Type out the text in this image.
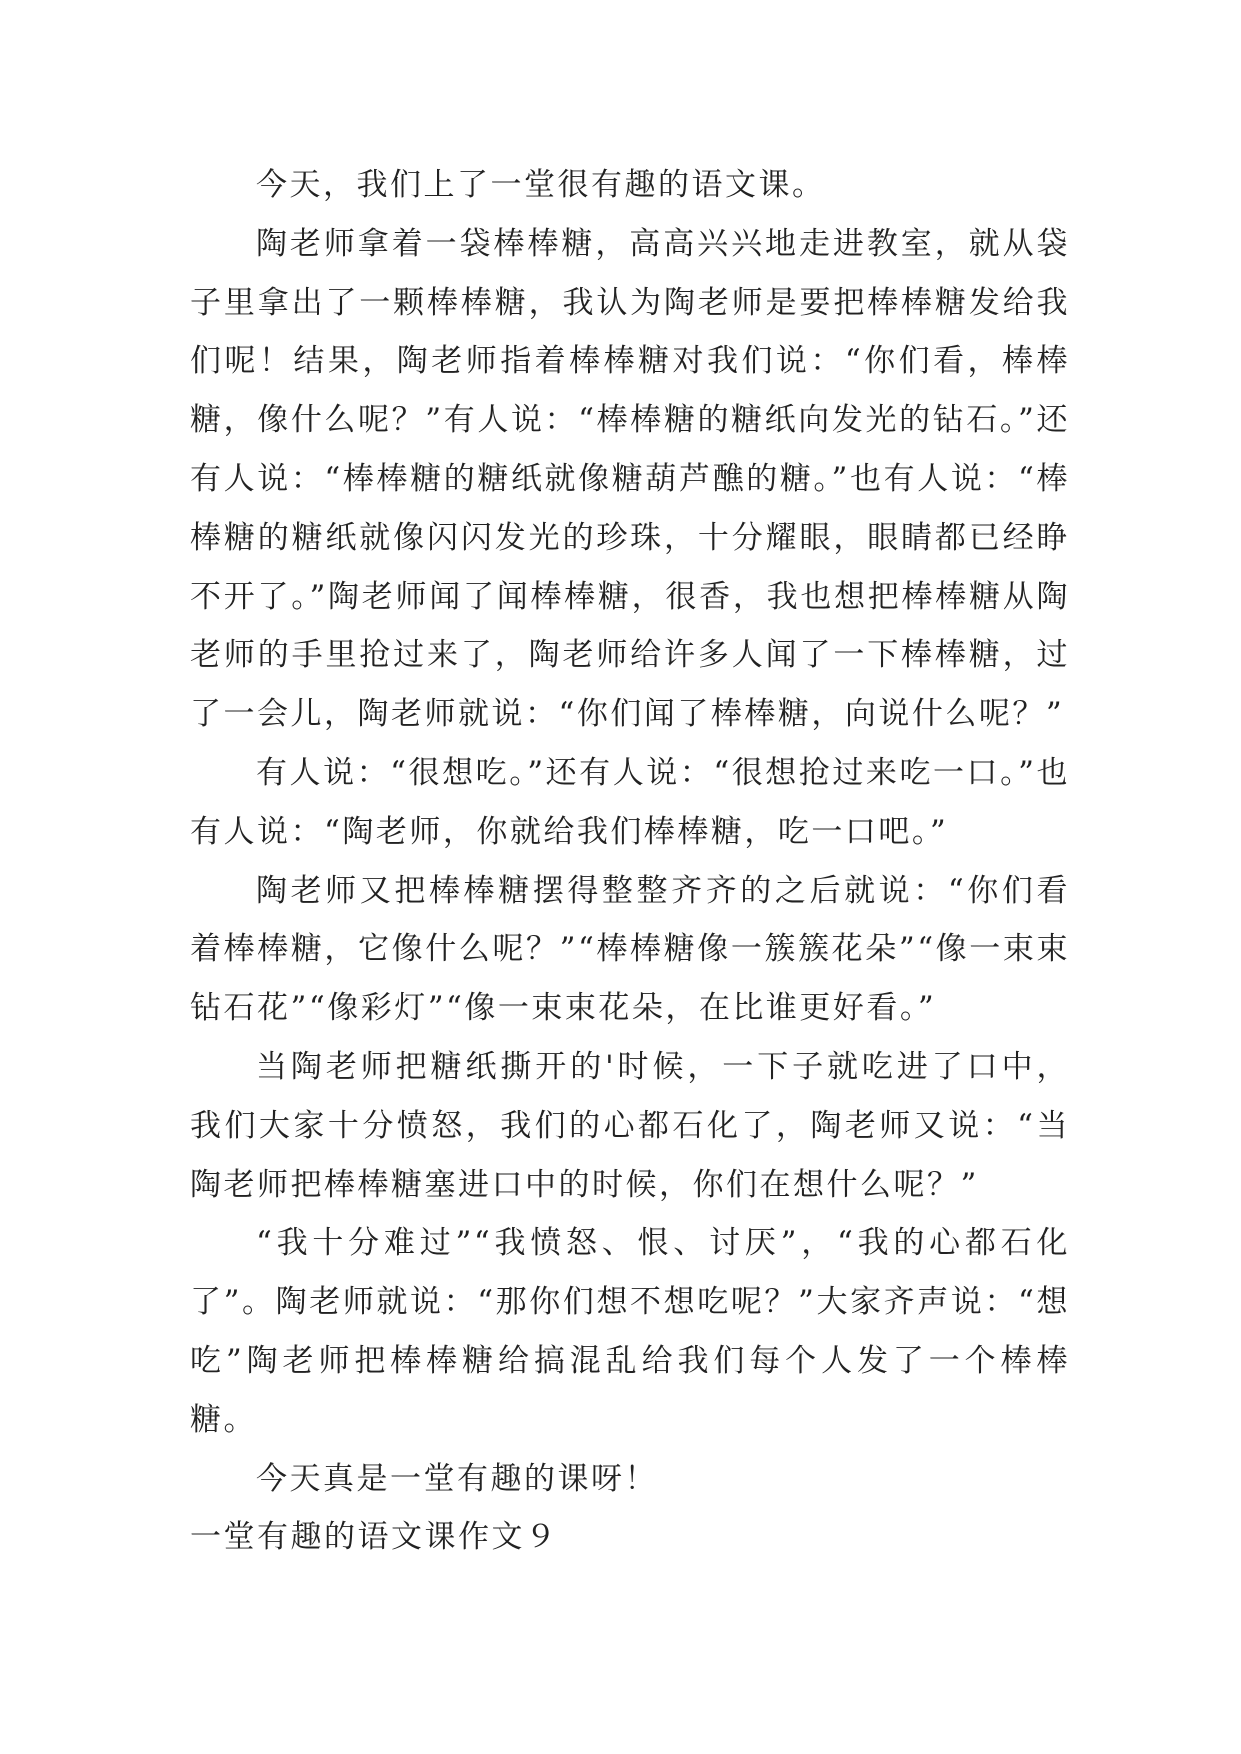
今天，我们上了一堂很有趣的语文课。

陶老师拿着一袋棒棒糖，高高兴兴地走进教室，就从袋子里拿出了一颗棒棒糖，我认为陶老师是要把棒棒糖发给我们呢！结果，陶老师指着棒棒糖对我们说：“你们看，棒棒糖，像什么呢？”有人说：“棒棒糖的糖纸向发光的钻石。”还有人说：“棒棒糖的糖纸就像糖葫芦醮的糖。”也有人说：“棒棒糖的糖纸就像闪闪发光的珍珠，十分耀眼，眼睛都已经睁不开了。”陶老师闻了闻棒棒糖，很香，我也想把棒棒糖从陶老师的手里抢过来了，陶老师给许多人闻了一下棒棒糖，过了一会儿，陶老师就说：“你们闻了棒棒糖，向说什么呢？”

有人说：“很想吃。”还有人说：“很想抢过来吃一口。”也有人说：“陶老师，你就给我们棒棒糖，吃一口吧。”

陶老师又把棒棒糖摆得整整齐齐的之后就说：“你们看着棒棒糖，它像什么呢？”“棒棒糖像一簇簇花朵”“像一束束钻石花”“像彩灯”“像一束束花朵，在比谁更好看。”

当陶老师把糖纸撕开的'时候，一下子就吃进了口中，我们大家十分愤怒，我们的心都石化了，陶老师又说：“当陶老师把棒棒糖塞进口中的时候，你们在想什么呢？”

“我十分难过”“我愤怒、恨、讨厌”，“我的心都石化了”。陶老师就说：“那你们想不想吃呢？”大家齐声说：“想吃”陶老师把棒棒糖给搞混乱给我们每个人发了一个棒棒糖。

今天真是一堂有趣的课呀！

一堂有趣的语文课作文９
